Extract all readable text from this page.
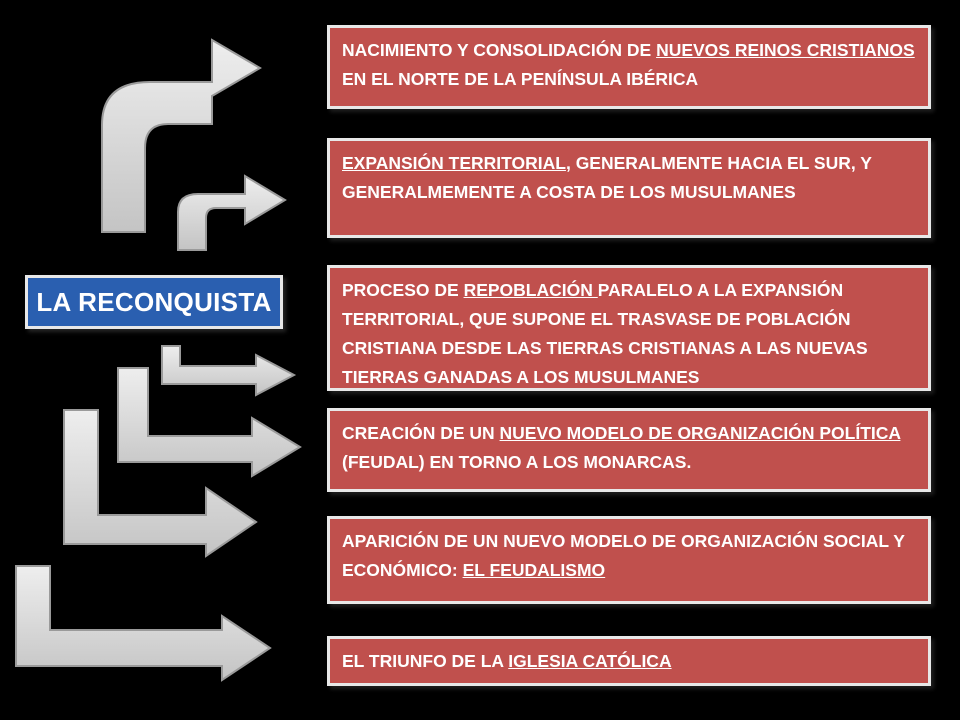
LA RECONQUISTA
NACIMIENTO Y CONSOLIDACIÓN DE NUEVOS REINOS CRISTIANOS EN EL NORTE DE LA PENÍNSULA IBÉRICA
EXPANSIÓN TERRITORIAL, GENERALMENTE HACIA EL SUR, Y GENERALMEMENTE A COSTA DE LOS MUSULMANES
PROCESO DE REPOBLACIÓN PARALELO A LA EXPANSIÓN TERRITORIAL, QUE SUPONE EL TRASVASE DE POBLACIÓN CRISTIANA DESDE LAS TIERRAS CRISTIANAS A LAS NUEVAS TIERRAS GANADAS A LOS MUSULMANES
CREACIÓN DE UN NUEVO MODELO DE ORGANIZACIÓN POLÍTICA (FEUDAL) EN TORNO A LOS MONARCAS.
APARICIÓN DE UN NUEVO MODELO DE ORGANIZACIÓN SOCIAL Y ECONÓMICO: EL FEUDALISMO
EL TRIUNFO DE LA IGLESIA CATÓLICA
